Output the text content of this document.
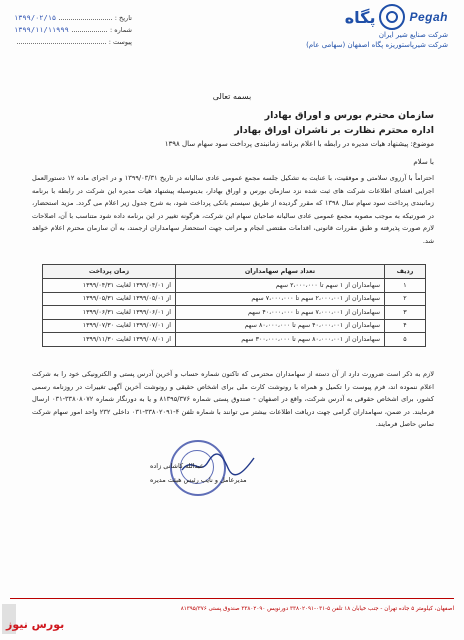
تاریخ :
۱۳۹۹/۰۲/۱۵
شماره :
۱۳۹۹/۱۱/۱۱۹۹۹
پیوست :
پگاه	Pegah
شرکت صنایع شیر ایران
شرکت شیرپاستوریزه پگاه اصفهان (سهامی عام)
بسمه تعالی
سازمان محترم بورس و اوراق بهادار
اداره محترم نظارت بر ناشران اوراق بهادار
موضوع: پیشنهاد هیات مدیره در رابطه با اعلام برنامه زمانبندی پرداخت سود سهام سال ۱۳۹۸
با سلام
احتراماً با آرزوی سلامتی و موفقیت، با عنایت به تشکیل جلسه مجمع عمومی عادی سالیانه در تاریخ ۱۳۹۹/۰۳/۳۱ و در اجرای ماده ۱۲ دستورالعمل اجرایی افشای اطلاعات شرکت های ثبت شده نزد سازمان بورس و اوراق بهادار، بدینوسیله پیشنهاد هیات مدیره این شرکت در رابطه با برنامه زمانبندی پرداخت سود سهام سال ۱۳۹۸ که مقرر گردیده از طریق سیستم بانکی پرداخت شود، به شرح جدول زیر اعلام می گردد. مزید استحضار، در صورتیکه به موجب مصوبه مجمع عمومی عادی سالیانه صاحبان سهام این شرکت، هرگونه تغییر در این برنامه داده شود متناسب با آن، اصلاحات لازم صورت پذیرفته و طبق مقررات قانونی، اقدامات مقتضی انجام و مراتب جهت استحضار سهامداران ارجمند، به آن سازمان محترم اعلام خواهد شد.
ردیف	تعداد سهام سهامداران	زمان پرداخت
۱	سهامداران از ۱ سهم تا ۲،۰۰۰،۰۰۰ سهم	از ۱۳۹۹/۰۴/۰۱ لغایت ۱۳۹۹/۰۴/۳۱
۲	سهامداران از ۲،۰۰۰،۰۰۱ سهم تا ۷،۰۰۰،۰۰۰ سهم	از ۱۳۹۹/۰۵/۰۱ لغایت ۱۳۹۹/۰۵/۳۱
۳	سهامداران از ۷،۰۰۰،۰۰۱ سهم تا ۴۰،۰۰۰،۰۰۰ سهم	از ۱۳۹۹/۰۶/۰۱ لغایت ۱۳۹۹/۰۶/۳۱
۴	سهامداران از ۴۰،۰۰۰،۰۰۱ سهم تا ۸۰،۰۰۰،۰۰۰ سهم	از ۱۳۹۹/۰۷/۰۱ لغایت ۱۳۹۹/۰۷/۳۰
۵	سهامداران از ۸۰،۰۰۰،۰۰۱ سهم تا ۳۰۰،۰۰۰،۰۰۰ سهم	از ۱۳۹۹/۰۸/۰۱ لغایت ۱۳۹۹/۱۱/۳۰
لازم به ذکر است ضرورت دارد از آن دسته از سهامداران محترمی که تاکنون شماره حساب و آخرین آدرس پستی و الکترونیکی خود را به شرکت اعلام ننموده اند، فرم پیوست را تکمیل و همراه با رونوشت کارت ملی برای اشخاص حقیقی و رونوشت آخرین آگهی تغییرات در روزنامه رسمی کشور، برای اشخاص حقوقی به آدرس شرکت، واقع در اصفهان - صندوق پستی شماره ۸۱۳۹۵/۳۷۶ و یا به دورنگار شماره ۳۳۸۰۸۰۷۲-۰۳۱ ارسال فرمایند. در ضمن، سهامداران گرامی جهت دریافت اطلاعات بیشتر می توانند با شماره تلفن ۴-۳۳۸۰۲۰۹۱-۰۳۱ داخلی ۲۳۲ واحد امور سهام شرکت تماس حاصل فرمایند.
عبدالله کاشانی زاده
مدیرعامل و نایب رئیس هیئت مدیره
اصفهان، کیلومتر ۵ جاده تهران - جنب خیابان ۱۸ تلفن ۵-۰۳۱-۳۳۸۰۲۰۹۱ دورنویس ۳۳۸۰۲۰۹۰ صندوق پستی ۸۱۳۹۵/۳۷۶
بورس نیوز
